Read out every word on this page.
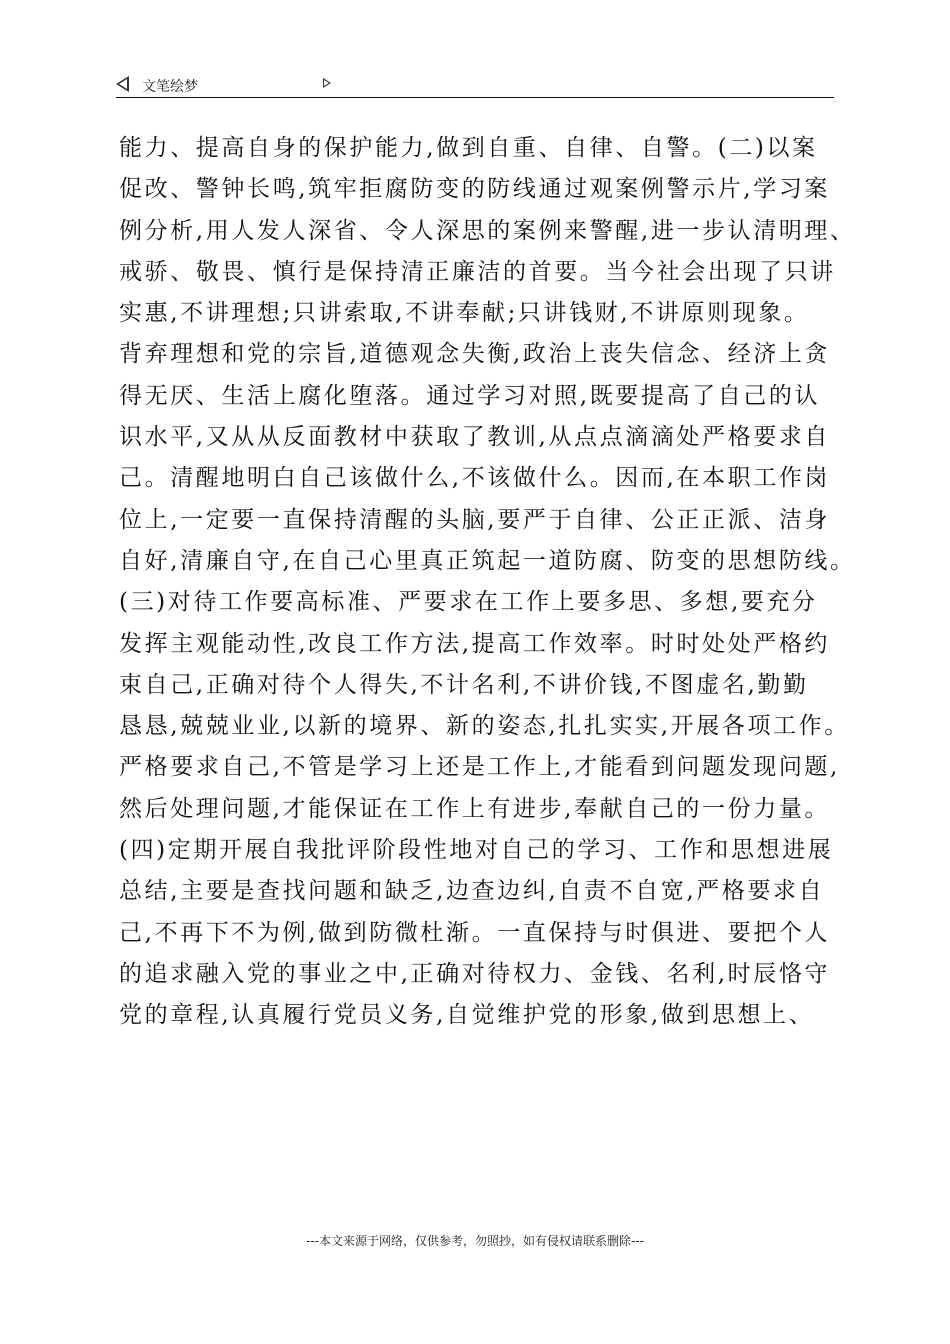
文笔绘梦
能力、提高自身的保护能力,做到自重、自律、自警。(二)以案
促改、警钟长鸣,筑牢拒腐防变的防线通过观案例警示片,学习案
例分析,用人发人深省、令人深思的案例来警醒,进一步认清明理、
戒骄、敬畏、慎行是保持清正廉洁的首要。当今社会出现了只讲
实惠,不讲理想;只讲索取,不讲奉献;只讲钱财,不讲原则现象。
背弃理想和党的宗旨,道德观念失衡,政治上丧失信念、经济上贪
得无厌、生活上腐化堕落。通过学习对照,既要提高了自己的认
识水平,又从从反面教材中获取了教训,从点点滴滴处严格要求自
己。清醒地明白自己该做什么,不该做什么。因而,在本职工作岗
位上,一定要一直保持清醒的头脑,要严于自律、公正正派、洁身
自好,清廉自守,在自己心里真正筑起一道防腐、防变的思想防线。
(三)对待工作要高标准、严要求在工作上要多思、多想,要充分
发挥主观能动性,改良工作方法,提高工作效率。时时处处严格约
束自己,正确对待个人得失,不计名利,不讲价钱,不图虚名,勤勤
恳恳,兢兢业业,以新的境界、新的姿态,扎扎实实,开展各项工作。
严格要求自己,不管是学习上还是工作上,才能看到问题发现问题,
然后处理问题,才能保证在工作上有进步,奉献自己的一份力量。
(四)定期开展自我批评阶段性地对自己的学习、工作和思想进展
总结,主要是查找问题和缺乏,边查边纠,自责不自宽,严格要求自
己,不再下不为例,做到防微杜渐。一直保持与时俱进、要把个人
的追求融入党的事业之中,正确对待权力、金钱、名利,时辰恪守
党的章程,认真履行党员义务,自觉维护党的形象,做到思想上、
---本文来源于网络，仅供参考，勿照抄，如有侵权请联系删除---
